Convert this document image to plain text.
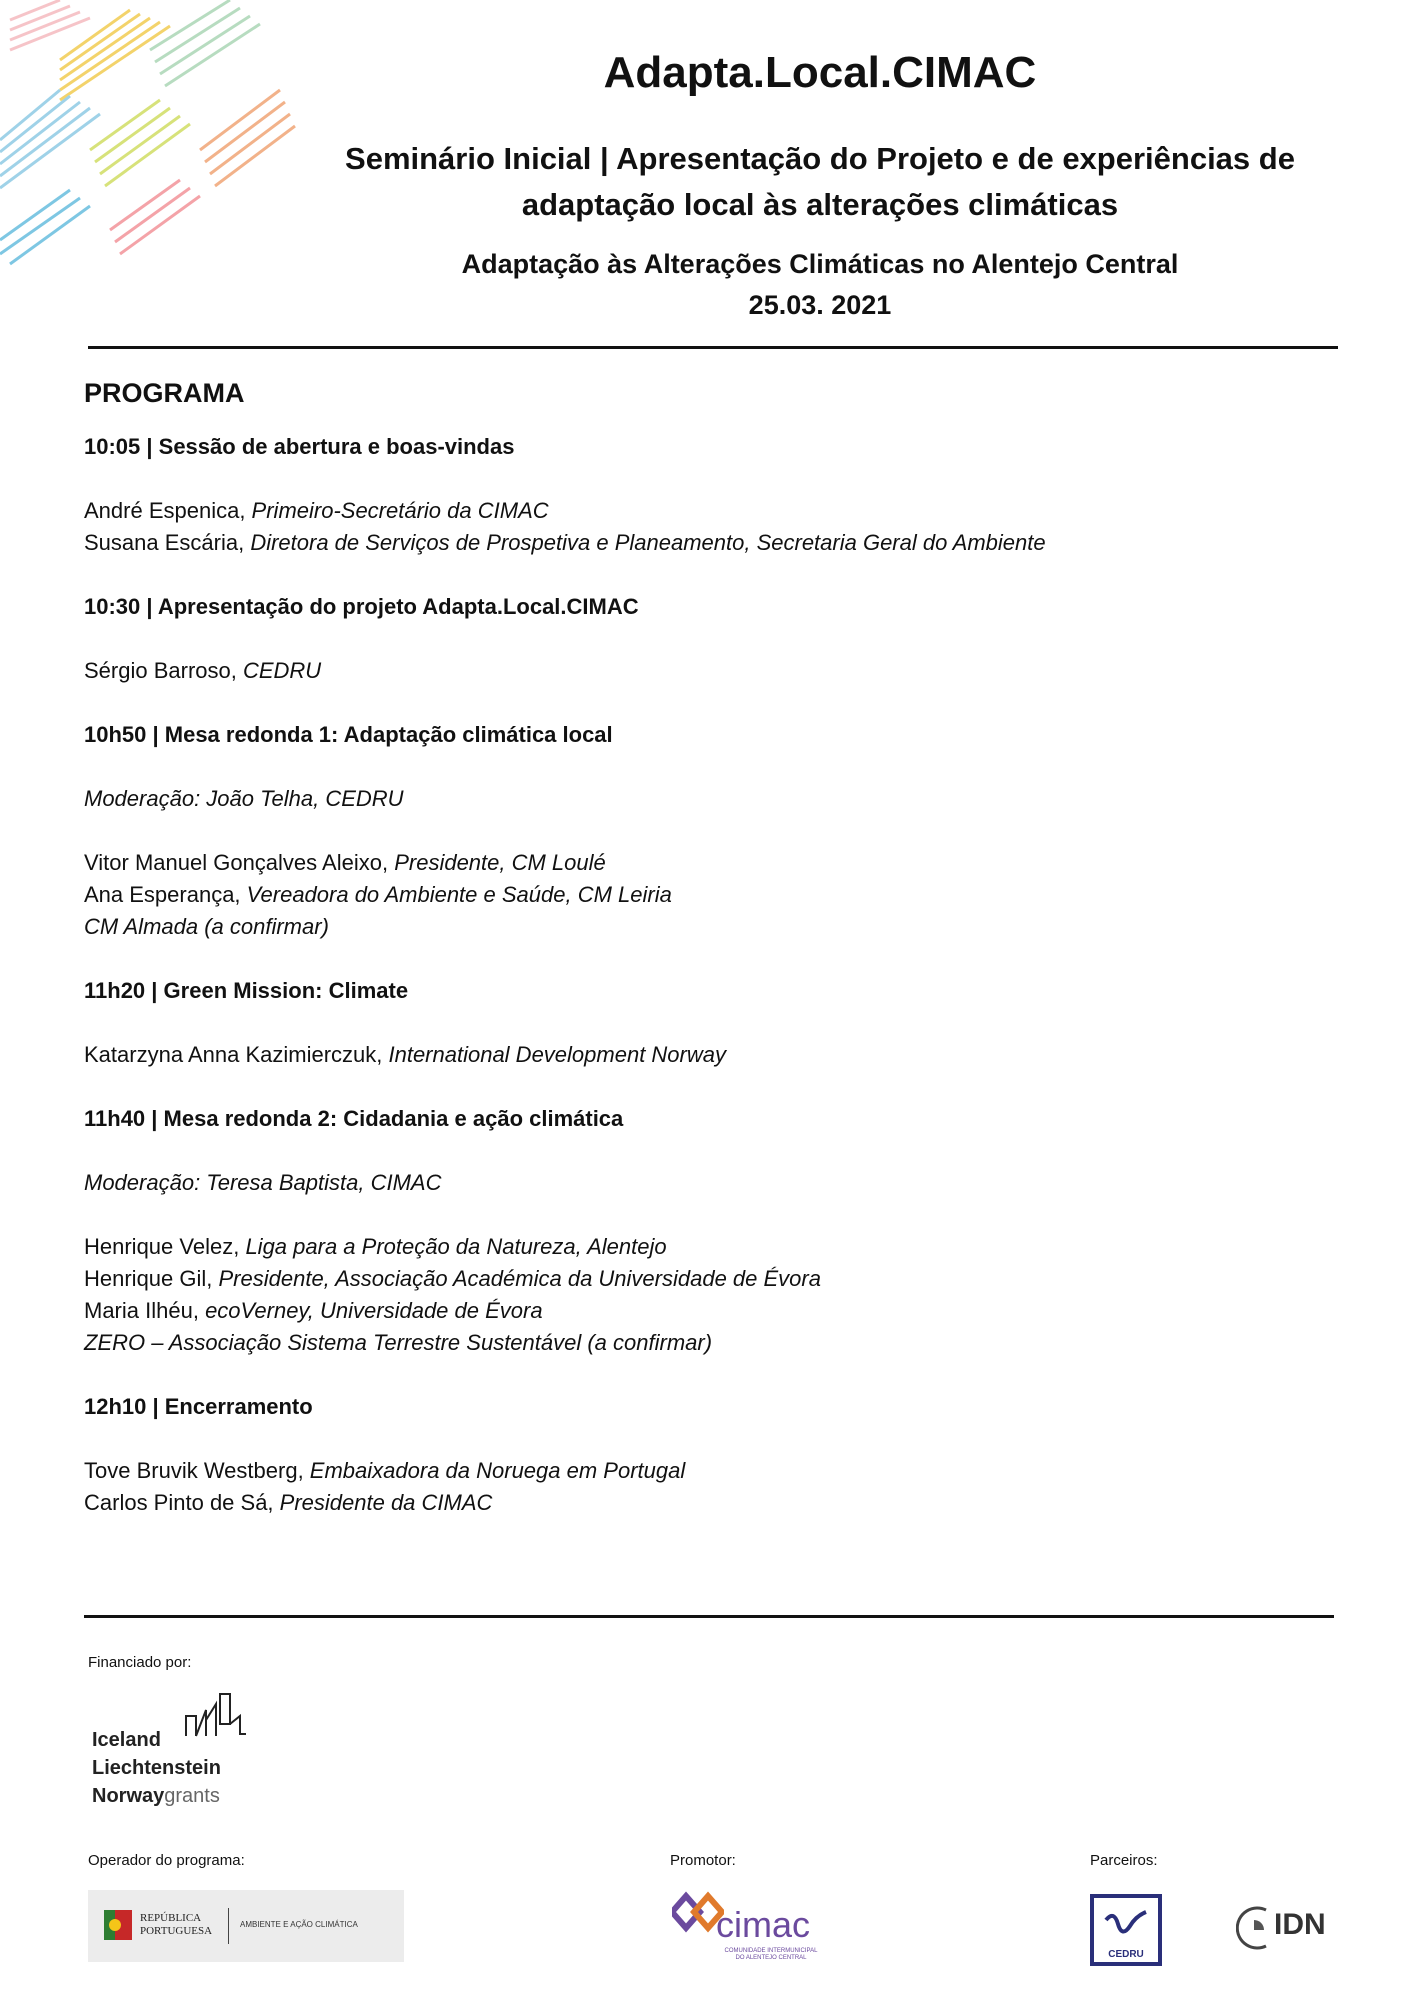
Adapta.Local.CIMAC
Seminário Inicial | Apresentação do Projeto e de experiências de
adaptação local às alterações climáticas
Adaptação às Alterações Climáticas no Alentejo Central
25.03. 2021
PROGRAMA
10:05 | Sessão de abertura e boas-vindas
André Espenica, Primeiro-Secretário da CIMAC
Susana Escária, Diretora de Serviços de Prospetiva e Planeamento, Secretaria Geral do Ambiente
10:30 | Apresentação do projeto Adapta.Local.CIMAC
Sérgio Barroso, CEDRU
10h50 | Mesa redonda 1: Adaptação climática local
Moderação: João Telha, CEDRU
Vitor Manuel Gonçalves Aleixo, Presidente, CM Loulé
Ana Esperança, Vereadora do Ambiente e Saúde, CM Leiria
CM Almada (a confirmar)
11h20 | Green Mission: Climate
Katarzyna Anna Kazimierczuk, International Development Norway
11h40 | Mesa redonda 2: Cidadania e ação climática
Moderação: Teresa Baptista, CIMAC
Henrique Velez, Liga para a Proteção da Natureza, Alentejo
Henrique Gil, Presidente, Associação Académica da Universidade de Évora
Maria Ilhéu, ecoVerney, Universidade de Évora
ZERO – Associação Sistema Terrestre Sustentável (a confirmar)
12h10 | Encerramento
Tove Bruvik Westberg, Embaixadora da Noruega em Portugal
Carlos Pinto de Sá, Presidente da CIMAC
Financiado por:
Iceland
Liechtenstein
Norwaygrants
Operador do programa:
REPÚBLICA
PORTUGUESA
AMBIENTE E AÇÃO CLIMÁTICA
Promotor:
cimac
COMUNIDADE INTERMUNICIPAL
DO ALENTEJO CENTRAL
Parceiros:
CEDRU
IDN
